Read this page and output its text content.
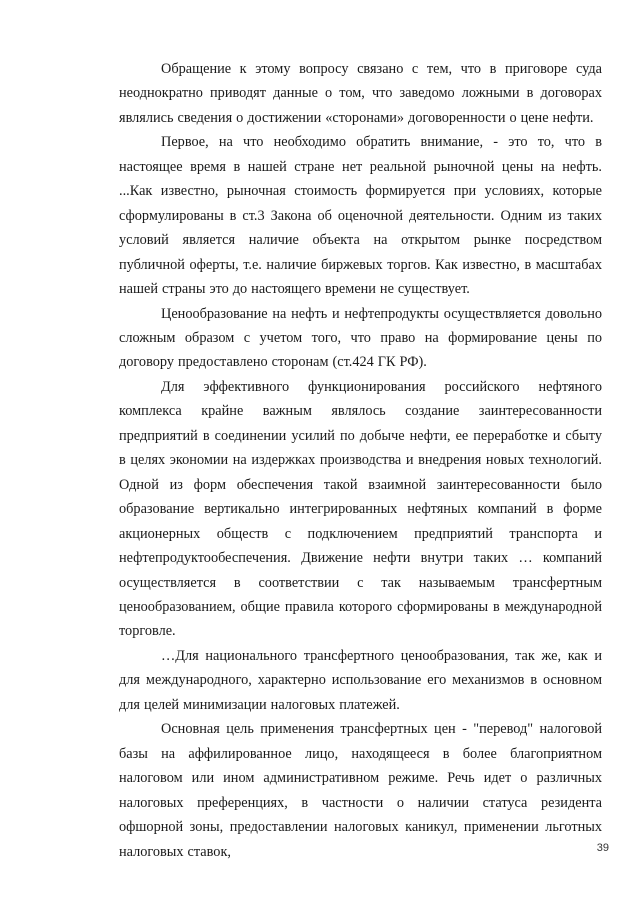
Обращение к этому вопросу связано с тем, что в приговоре суда неоднократно приводят данные о том, что заведомо ложными в договорах являлись сведения о достижении «сторонами» договоренности о цене нефти.

Первое, на что необходимо обратить внимание, - это то, что в настоящее время в нашей стране нет реальной рыночной цены на нефть. ...Как известно, рыночная стоимость формируется при условиях, которые сформулированы в ст.3 Закона об оценочной деятельности. Одним из таких условий является наличие объекта на открытом рынке посредством публичной оферты, т.е. наличие биржевых торгов. Как известно, в масштабах нашей страны это до настоящего времени не существует.

Ценообразование на нефть и нефтепродукты осуществляется довольно сложным образом с учетом того, что право на формирование цены по договору предоставлено сторонам (ст.424 ГК РФ).

Для эффективного функционирования российского нефтяного комплекса крайне важным являлось создание заинтересованности предприятий в соединении усилий по добыче нефти, ее переработке и сбыту в целях экономии на издержках производства и внедрения новых технологий. Одной из форм обеспечения такой взаимной заинтересованности было образование вертикально интегрированных нефтяных компаний в форме акционерных обществ с подключением предприятий транспорта и нефтепродуктообеспечения. Движение нефти внутри таких … компаний осуществляется в соответствии с так называемым трансфертным ценообразованием, общие правила которого сформированы в международной торговле.

…Для национального трансфертного ценообразования, так же, как и для международного, характерно использование его механизмов в основном для целей минимизации налоговых платежей.

Основная цель применения трансфертных цен - "перевод" налоговой базы на аффилированное лицо, находящееся в более благоприятном налоговом или ином административном режиме. Речь идет о различных налоговых преференциях, в частности о наличии статуса резидента офшорной зоны, предоставлении налоговых каникул, применении льготных налоговых ставок,	39
